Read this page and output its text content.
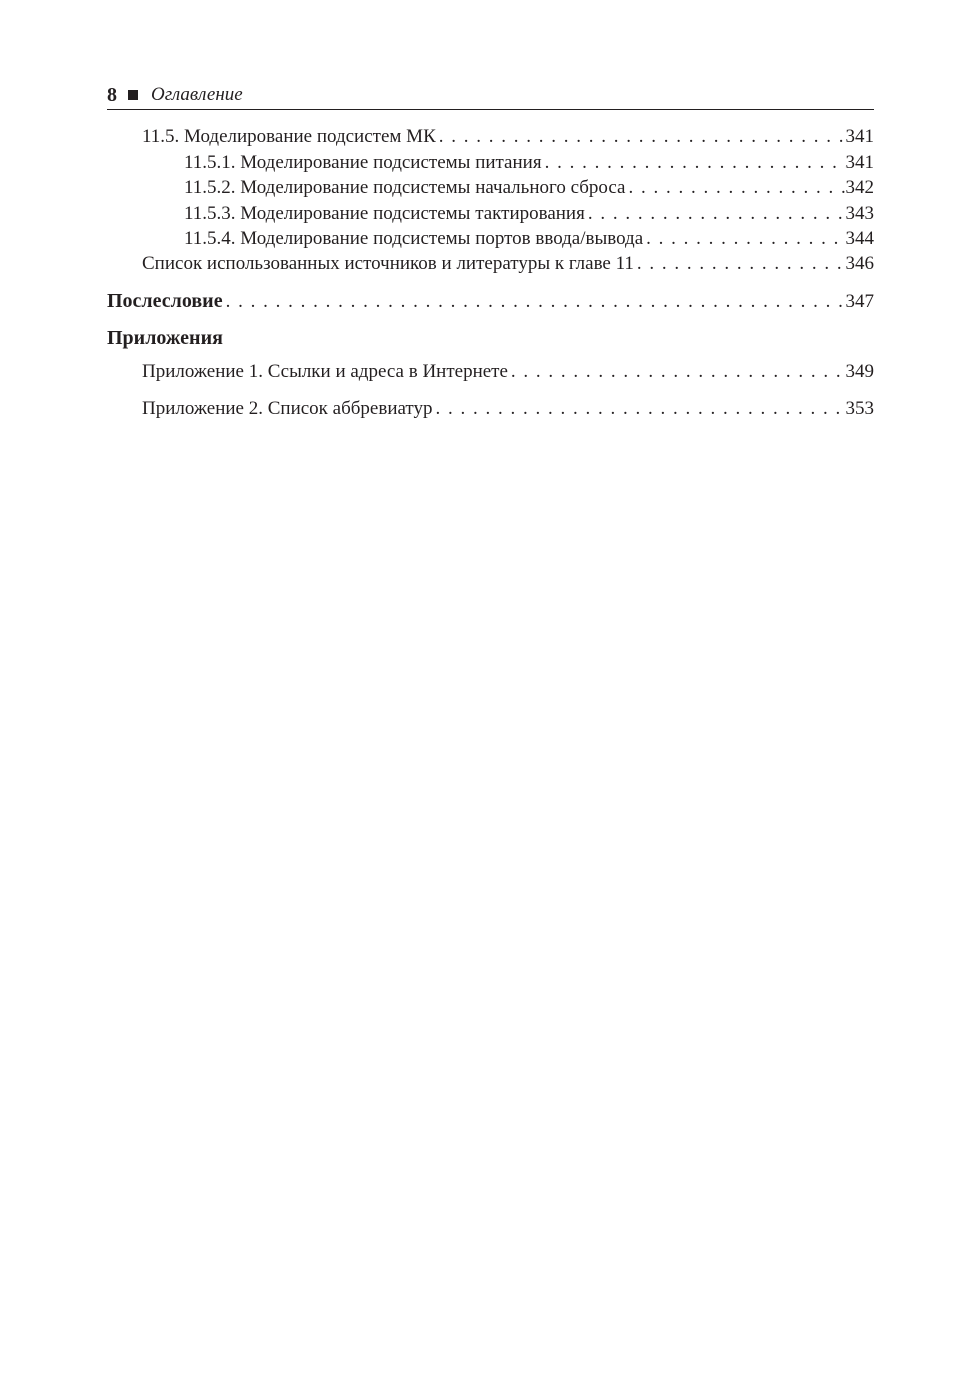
8 Оглавление
11.5. Моделирование подсистем МК . . .	341
11.5.1. Моделирование подсистемы питания . . .	341
11.5.2. Моделирование подсистемы начального сброса . . .	342
11.5.3. Моделирование подсистемы тактирования . . .	343
11.5.4. Моделирование подсистемы портов ввода/вывода . . .	344
Список использованных источников и литературы к главе 11 . . .	346
Послесловие . . .	347
Приложения
Приложение 1. Ссылки и адреса в Интернете . . .	349
Приложение 2. Список аббревиатур . . .	353
